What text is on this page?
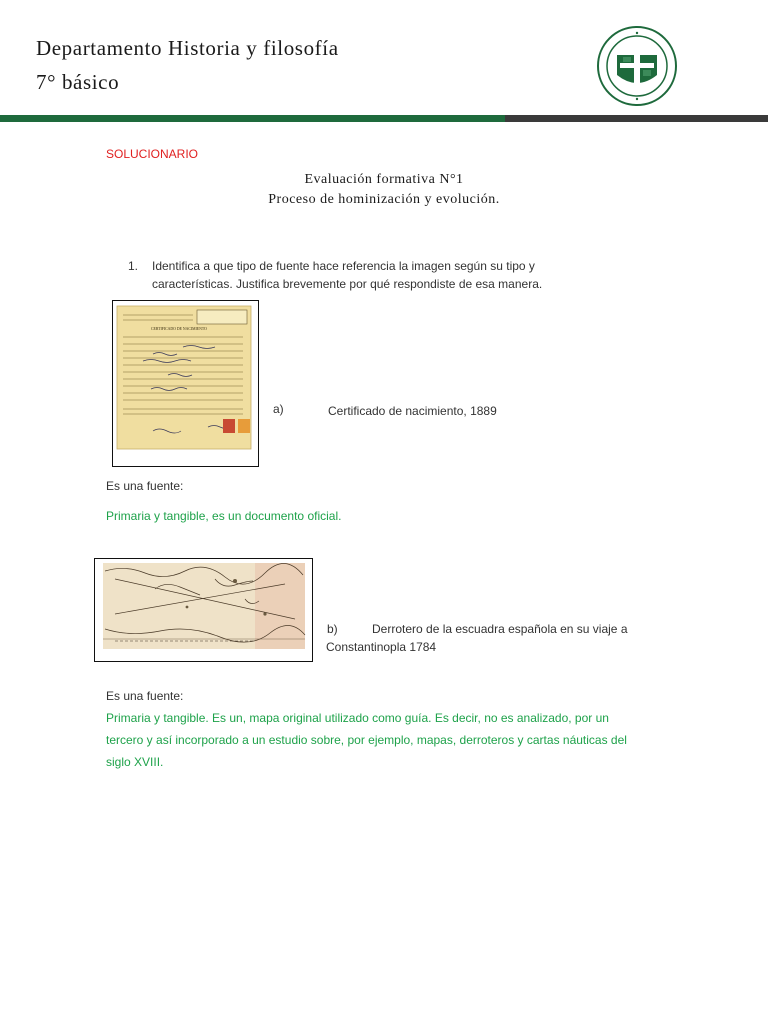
Departamento Historia y filosofía
7° básico
SOLUCIONARIO
Evaluación formativa N°1
Proceso de hominización y evolución.
1. Identifica a que tipo de fuente hace referencia la imagen según su tipo y características. Justifica brevemente por qué respondiste de esa manera.
CERTIFICADO DE NACIMIENTO
a)	Certificado de nacimiento, 1889
Es una fuente:
Primaria y tangible, es un documento oficial.
b)	Derrotero de la escuadra española en su viaje a Constantinopla 1784
Es una fuente:
Primaria y tangible. Es un, mapa original utilizado como guía. Es decir, no es analizado, por un tercero y así incorporado a un estudio sobre, por ejemplo, mapas, derroteros y cartas náuticas del siglo XVIII.
